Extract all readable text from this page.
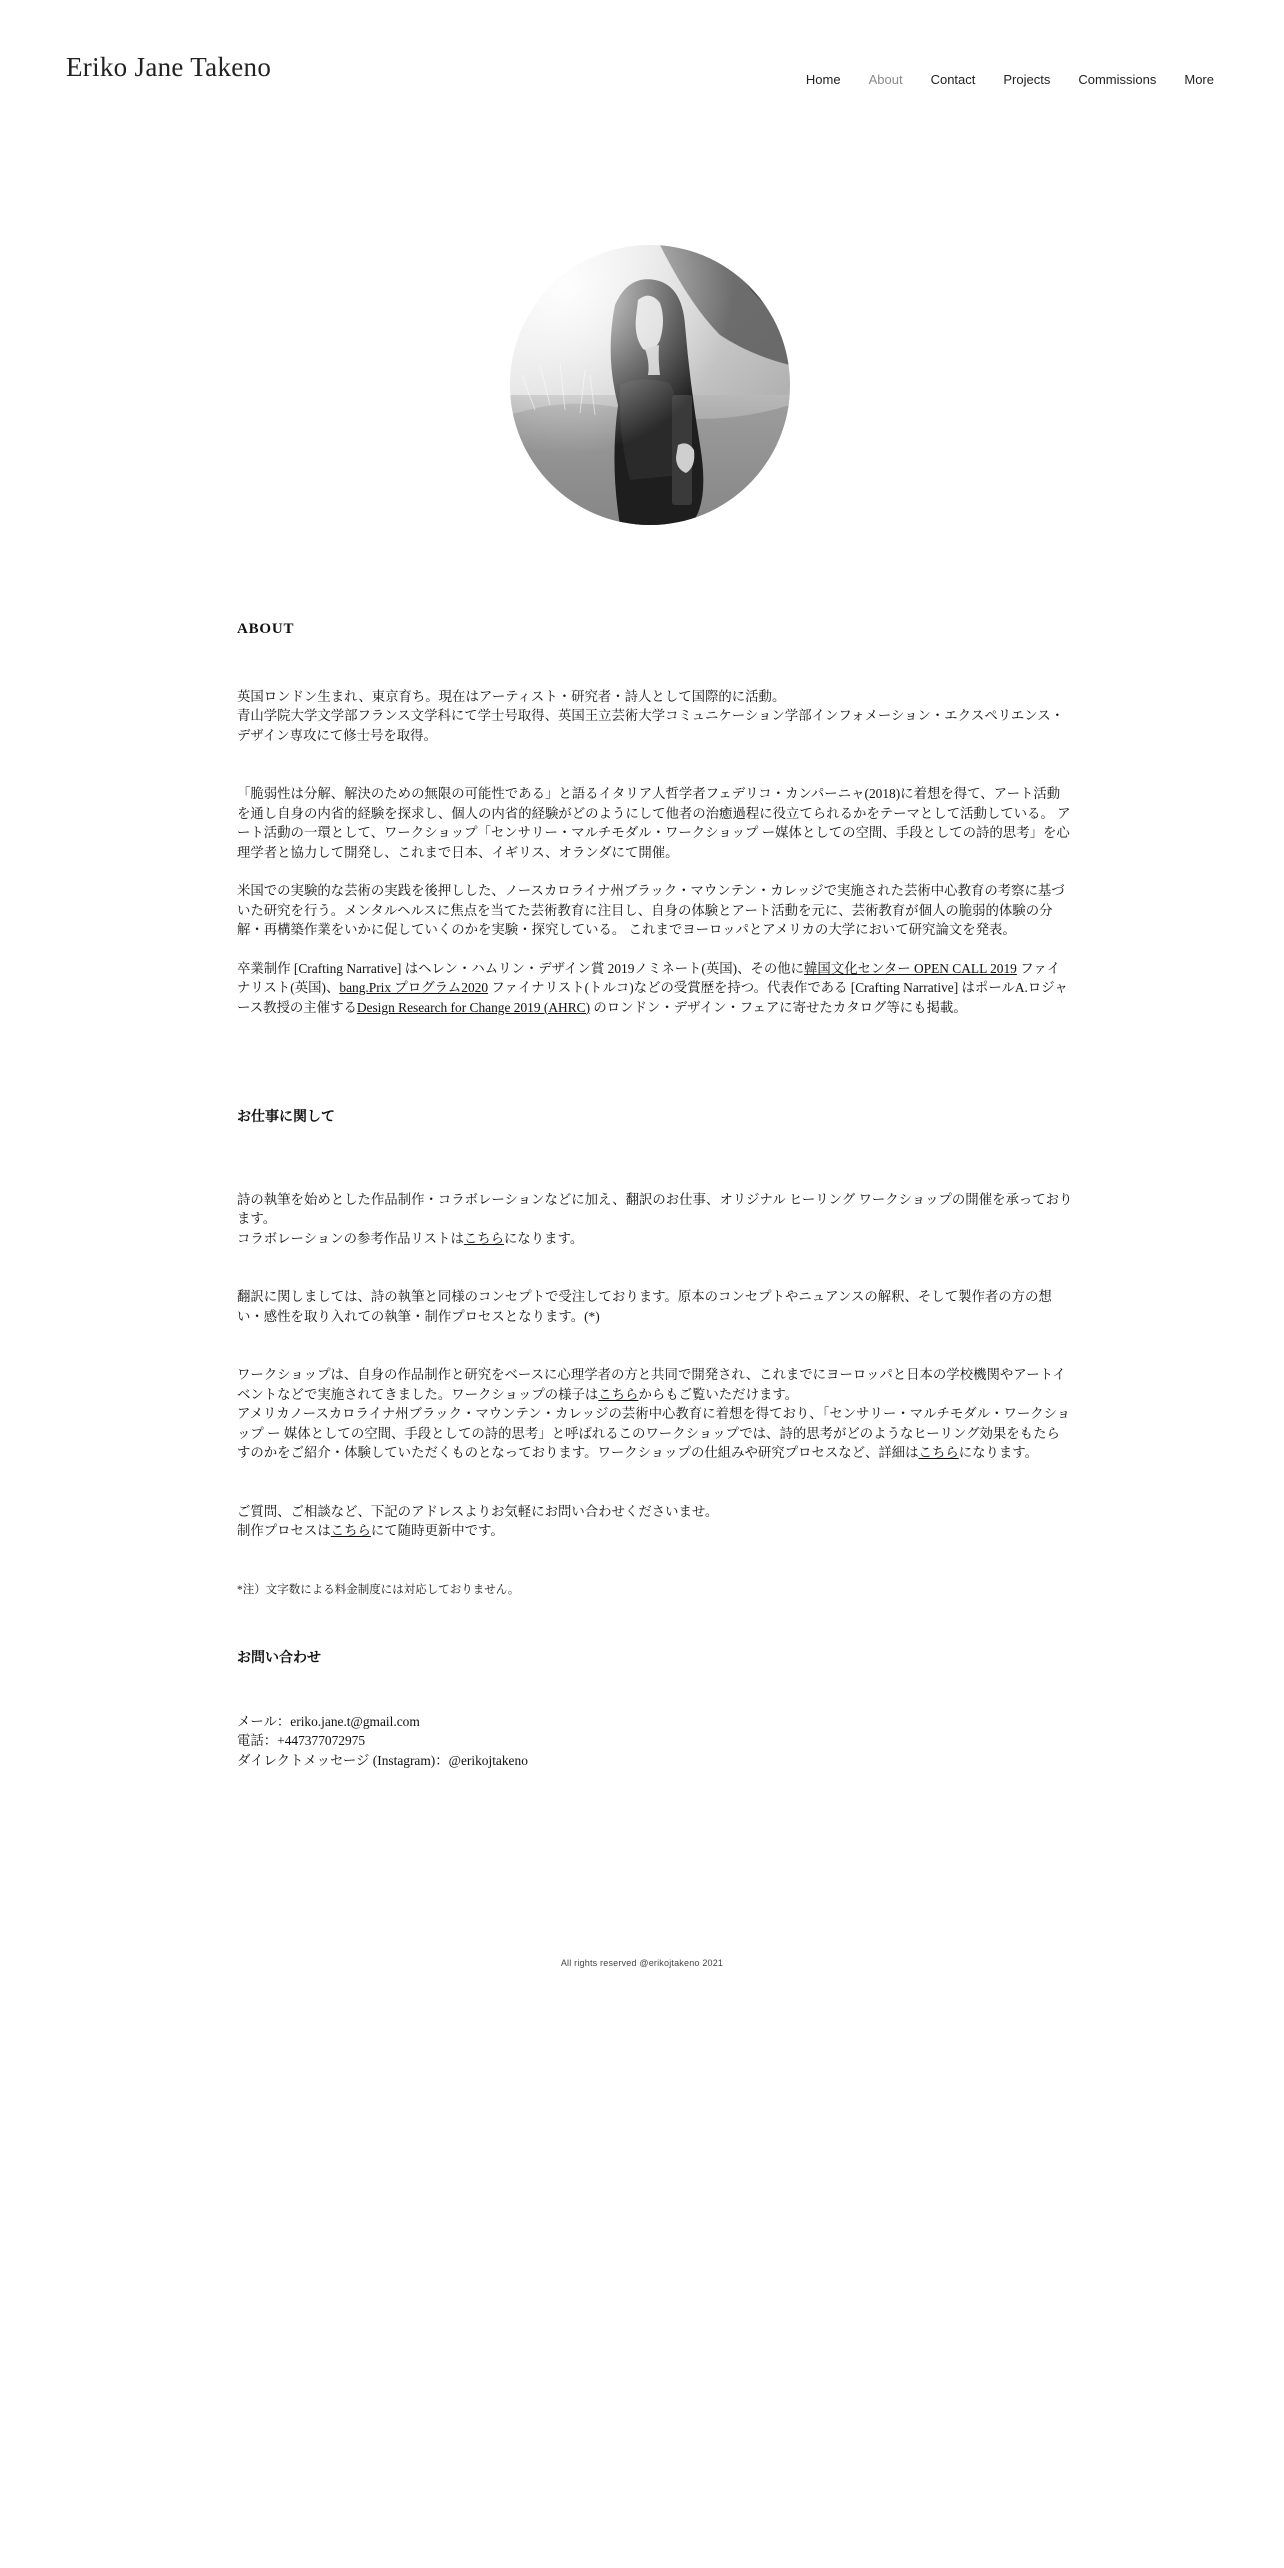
Eriko Jane Takeno	Home	About	Contact	Projects	Commissions	More
ABOUT

英国ロンドン生まれ、東京育ち。現在はアーティスト・研究者・詩人として国際的に活動。

青山学院大学文学部フランス文学科にて学士号取得、英国王立芸術大学コミュニケーション学部インフォメーション・エクスペリエンス・デザイン専攻にて修士号を取得。

「脆弱性は分解、解決のための無限の可能性である」と語るイタリア人哲学者フェデリコ・カンパーニャ(2018)に着想を得て、アート活動を通し自身の内省的経験を探求し、個人の内省的経験がどのようにして他者の治癒過程に役立てられるかをテーマとして活動している。 アート活動の一環として、ワークショップ「センサリー・マルチモダル・ワークショップ ー媒体としての空間、手段としての詩的思考」を心理学者と協力して開発し、これまで日本、イギリス、オランダにて開催。

米国での実験的な芸術の実践を後押しした、ノースカロライナ州ブラック・マウンテン・カレッジで実施された芸術中心教育の考察に基づいた研究を行う。メンタルヘルスに焦点を当てた芸術教育に注目し、自身の体験とアート活動を元に、芸術教育が個人の脆弱的体験の分解・再構築作業をいかに促していくのかを実験・探究している。 これまでヨーロッパとアメリカの大学において研究論文を発表。

卒業制作 [Crafting Narrative] はヘレン・ハムリン・デザイン賞 2019ノミネート(英国)、その他に韓国文化センター OPEN CALL 2019 ファイナリスト(英国)、bang.Prix プログラム2020 ファイナリスト(トルコ)などの受賞歴を持つ。代表作である [Crafting Narrative] はポールA.ロジャース教授の主催するDesign Research for Change 2019 (AHRC) のロンドン・デザイン・フェアに寄せたカタログ等にも掲載。

お仕事に関して

詩の執筆を始めとした作品制作・コラボレーションなどに加え、翻訳のお仕事、オリジナル ヒーリング ワークショップの開催を承っております。

コラボレーションの参考作品リストはこちらになります。

翻訳に関しましては、詩の執筆と同様のコンセプトで受注しております。原本のコンセプトやニュアンスの解釈、そして製作者の方の想い・感性を取り入れての執筆・制作プロセスとなります。(*)

ワークショップは、自身の作品制作と研究をベースに心理学者の方と共同で開発され、これまでにヨーロッパと日本の学校機関やアートイベントなどで実施されてきました。ワークショップの様子はこちらからもご覧いただけます。

アメリカノースカロライナ州ブラック・マウンテン・カレッジの芸術中心教育に着想を得ており、「センサリー・マルチモダル・ワークショップ ー 媒体としての空間、手段としての詩的思考」と呼ばれるこのワークショップでは、詩的思考がどのようなヒーリング効果をもたらすのかをご紹介・体験していただくものとなっております。ワークショップの仕組みや研究プロセスなど、詳細はこちらになります。

ご質問、ご相談など、下記のアドレスよりお気軽にお問い合わせくださいませ。

制作プロセスはこちらにて随時更新中です。

*注）文字数による料金制度には対応しておりません。

お問い合わせ

メール：eriko.jane.t@gmail.com

電話：+447377072975

ダイレクトメッセージ (Instagram)：@erikojtakeno

All rights reserved @erikojtakeno 2021
